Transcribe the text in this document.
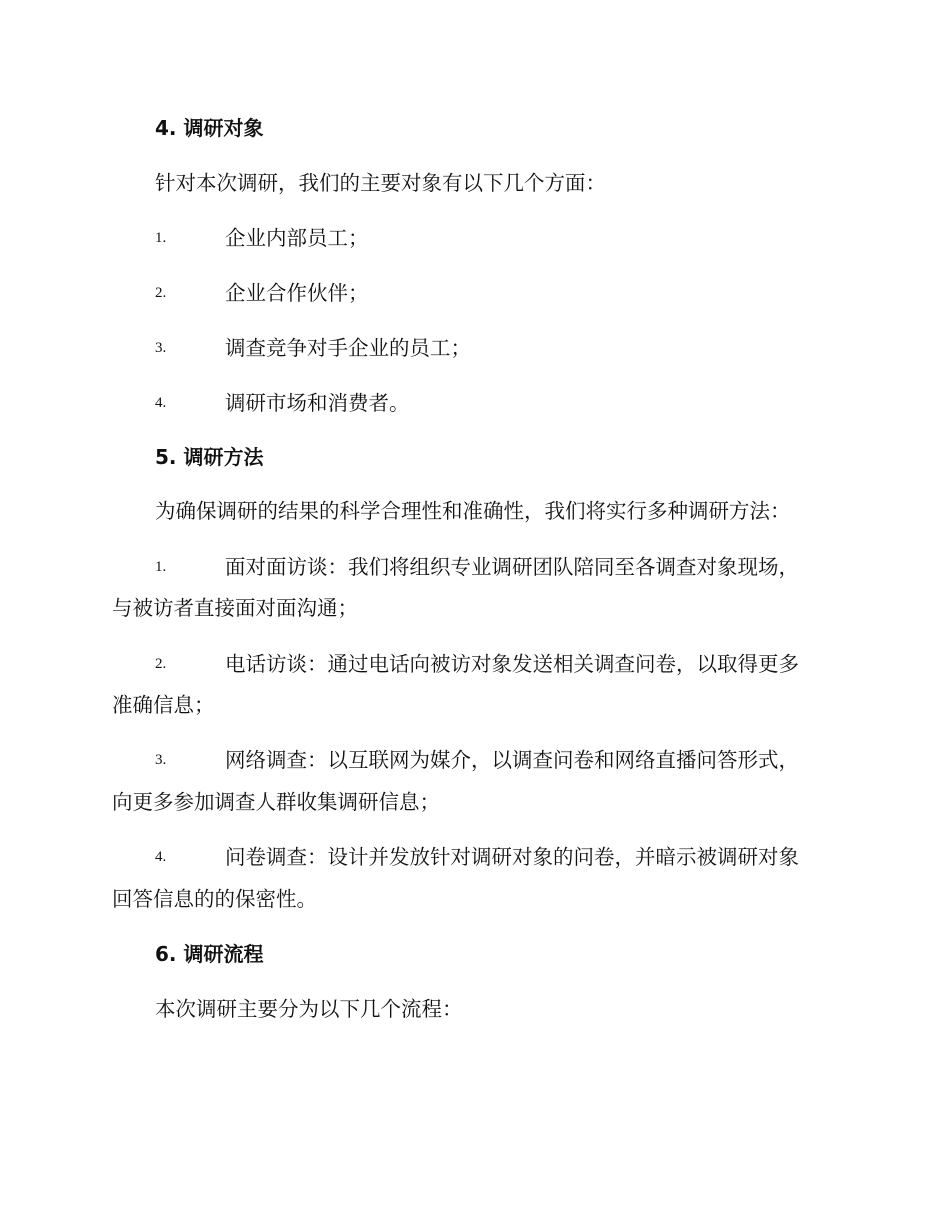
4. 调研对象
针对本次调研，我们的主要对象有以下几个方面：
1.	企业内部员工；
2.	企业合作伙伴；
3.	调查竞争对手企业的员工；
4.	调研市场和消费者。
5. 调研方法
为确保调研的结果的科学合理性和准确性，我们将实行多种调研方法：
1.	面对面访谈：我们将组织专业调研团队陪同至各调查对象现场，
与被访者直接面对面沟通；
2.	电话访谈：通过电话向被访对象发送相关调查问卷，以取得更多
准确信息；
3.	网络调查：以互联网为媒介，以调查问卷和网络直播问答形式，
向更多参加调查人群收集调研信息；
4.	问卷调查：设计并发放针对调研对象的问卷，并暗示被调研对象
回答信息的的保密性。
6. 调研流程
本次调研主要分为以下几个流程：
